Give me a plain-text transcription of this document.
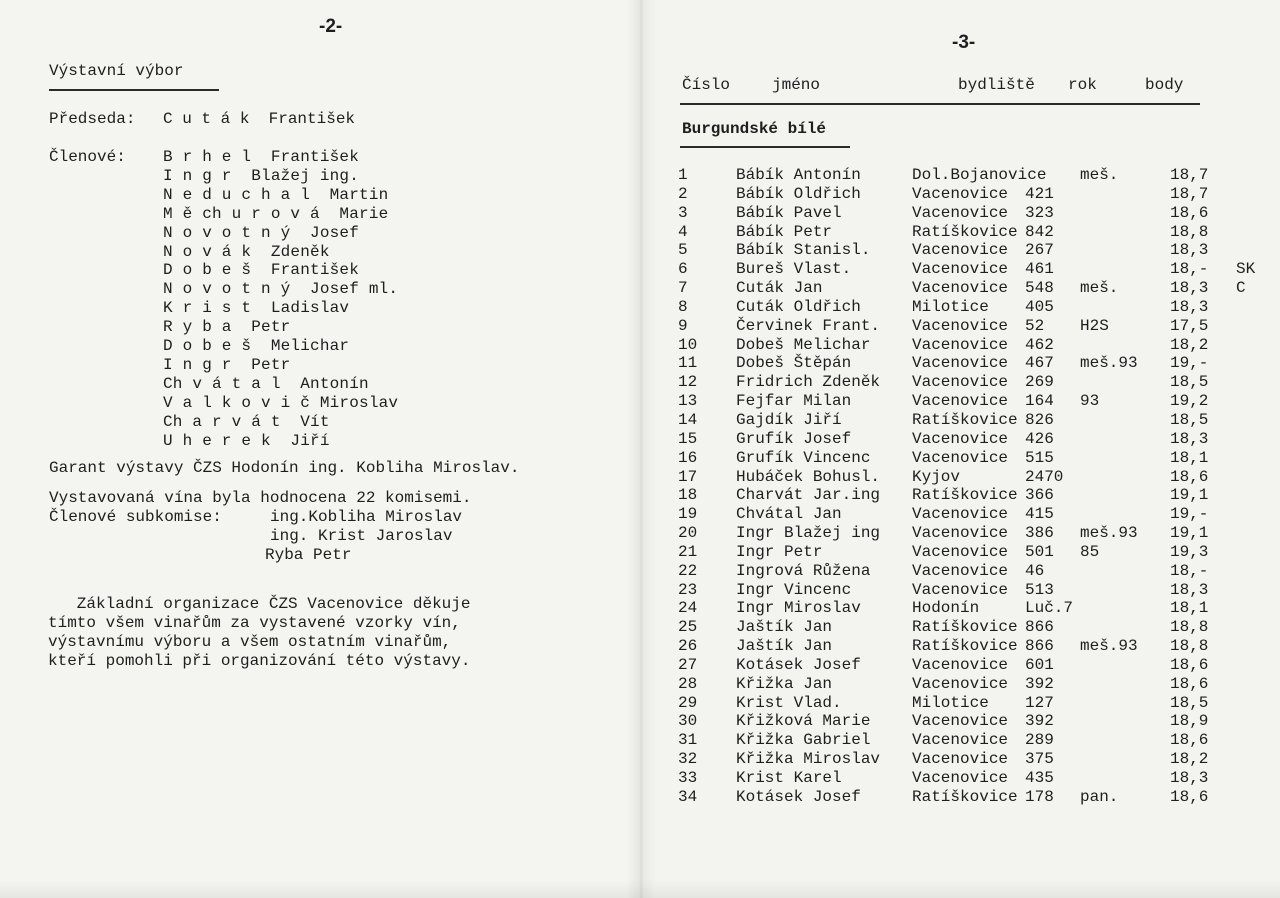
-2-
Výstavní výbor
Předseda: C u t á k  František
Členové: B r h e l  František
I n g r  Blažej ing.
N e d u c h a l  Martin
M ě ch u r o v á  Marie
N o v o t n ý  Josef
N o v á k  Zdeněk
D o b e š  František
N o v o t n ý  Josef ml.
K r i s t  Ladislav
R y b a  Petr
D o b e š  Melichar
I n g r  Petr
Ch v á t a l  Antonín
V a l k o v i č Miroslav
Ch a r v á t  Vít
U h e r e k  Jiří
Garant výstavy ČZS Hodonín ing. Kobliha Miroslav.
Vystavovaná vína byla hodnocena 22 komisemi.
Členové subkomise:	ing.Kobliha Miroslav
ing. Krist Jaroslav
Ryba Petr
Základní organizace ČZS Vacenovice děkuje
tímto všem vinařům za vystavené vzorky vín,
výstavnímu výboru a všem ostatním vinařům,
kteří pomohli při organizování této výstavy.
-3-
Číslo	jméno	bydliště rok	body
Burgundské bílé
1	Bábík Antonín	Dol.Bojanovice meš.	18,7
2	Bábík Oldřich	Vacenovice 421	18,7
3	Bábík Pavel	Vacenovice 323	18,6
4	Bábík Petr	Ratíškovice 842	18,8
5	Bábík Stanisl.	Vacenovice 267	18,3
6	Bureš Vlast.	Vacenovice 461	18,- SK
7	Cuták Jan	Vacenovice 548 meš.	18,3 C
8	Cuták Oldřich	Milotice 405	18,3
9	Červinek Frant. Vacenovice 52 H2S	17,5
10 Dobeš Melichar	Vacenovice 462	18,2
11 Dobeš Štěpán	Vacenovice 467 meš.93 19,-
12 Fridrich Zdeněk Vacenovice 269	18,5
13 Fejfar Milan	Vacenovice 164 93	19,2
14 Gajdík Jiří	Ratíškovice 826	18,5
15 Grufík Josef	Vacenovice 426	18,3
16 Grufík Vincenc	Vacenovice 515	18,1
17 Hubáček Bohusl. Kyjov	2470	18,6
18 Charvát Jar.ing Ratíškovice 366	19,1
19 Chvátal Jan	Vacenovice 415	19,-
20 Ingr Blažej ing Vacenovice 386 meš.93 19,1
21 Ingr Petr	Vacenovice 501 85	19,3
22 Ingrová Růžena	Vacenovice 46	18,-
23 Ingr Vincenc	Vacenovice 513	18,3
24 Ingr Miroslav	Hodonín	Luč.7	18,1
25 Jaštík Jan	Ratíškovice 866	18,8
26 Jaštík Jan	Ratíškovice 866 meš.93 18,8
27 Kotásek Josef	Vacenovice 601	18,6
28 Křižka Jan	Vacenovice 392	18,6
29 Krist Vlad.	Milotice 127	18,5
30 Křižková Marie	Vacenovice 392	18,9
31 Křižka Gabriel	Vacenovice 289	18,6
32 Křižka Miroslav Vacenovice 375	18,2
33 Krist Karel	Vacenovice 435	18,3
34 Kotásek Josef	Ratíškovice 178 pan.	18,6
